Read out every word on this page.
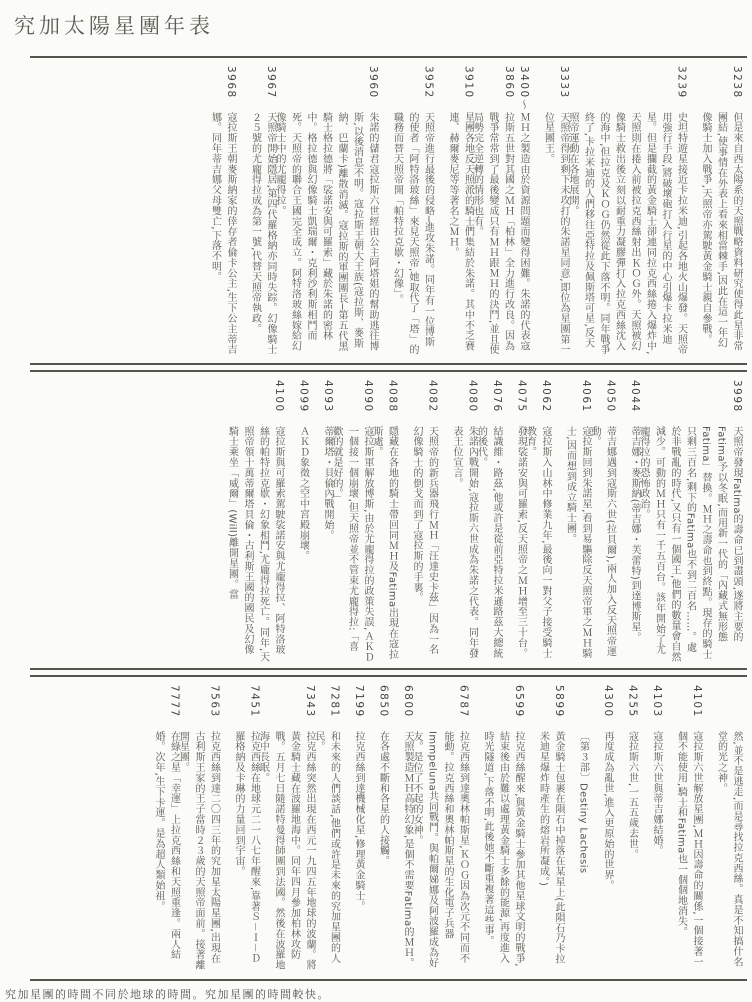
究加太陽星團年表
3238
但是來自西太陽系的天照戰略資料研究使得此星非常團結,使事情在外表上看來相當棘手,因此在這一年幻像騎士加入戰爭,天照帝亦駕駛黃金騎士親自參戰。
3239
史坦特遊星接近卡拉米迪,引起各地火山爆發。天照帝用強行手段,將破壞砲打入行星的中心引爆卡拉米迪星。但是攔截的黃金騎士卻連同拉克西絲捲入爆炸中,天照則在捲入前被拉克西絲射出ＫＯＧ外。天照被幻像騎士救出後立刻以耐重力凝膠彈打入拉克西絲沈入的海中,但拉克及ＫＯＧ仍然從此下落不明。同年戰爭終了,卡拉米迪的人們移往亞特拉及佩斯塔可星,反天照帝運動在各地展開。
3333
天照帝得到剩下未攻打的朱諾星同意,即位為星團第一位星團王。
3400〜3860
ＭＨ之製造由於資源問題而變得困難。朱諾的代表寇拉斯五世對其國之ＭＨ「柏林」全力進行改良。因為戰爭常常到了最後變成只有ＭＨ跟ＭＨ的決鬥,並且使局勢完全逆轉的情形也有。
3910
星團各地反天照派的騎士們集結於朱諾。其中不乏賽連、赫爾麥尼等等著名之ＭＨ。
3952
天照帝進行最後的侵略─進攻朱諾。同年有一位博斯的使者「阿特洛玻絲」來見天照帝,她取代了「塔」的職務而替天照帝開「帕特拉克歇・幻像」。
3960
朱諾的儲君寇拉斯六世經由公主阿塔姐的幫助逃往博斯,以後消息不明。寇拉斯王朝大王族(寇拉斯、麥斯納、巴蘭卡)離散消滅。寇拉斯的軍團團長─第五代黑騎士格拉德將「裟諾安與可羅索」藏於朱諾的密林中。格拉德與幻像騎士凱瑞爾・克利沙利斯相鬥而死。天照帝的聯合王國完全成立。阿特洛玻絲嫁給幻像騎士中的尤龐得拉。
3967
天照帝開始隱居,第四代羅格納亦同時失踪。幻像騎士２５號的尤龐得拉成為第一號,代替天照帝執政。
3968
寇拉斯王朝麥斯納家的倖存者倫卡公主,生下公主蒂吉娜。同年蒂吉娜父母雙亡,下落不明。
3998
天照帝發現Fatima的壽命已到盡頭,遂將主要的Fatima予以冬眠,而用新一代的「內藏式無形態Fatima」替換。ＭＨ之壽命也到終點。現存的騎士只剩三百名,剩下的Fatima也不到二百名……。處於非戰亂的時代,又只有一個國王,他們的數量會自然減少。可動的ＭＨ只有一千五百台。該年開始了尤龐得拉的恐怖政治。
4044
蒂吉娜・麥斯納(蒂吉娜・芙蕾特)到達博斯星。
4050
蒂吉娜遇到寇斯六世(拉貝爾),兩人加入反天照帝運動。
4061
寇拉斯回到朱諾星,看到易驅除反天照帝軍之ＭＨ騎士,因而想到成立騎士團。
4062
寇拉斯入山林中修業九年,最後向一對父子接受騎士教育。
4075
發現裟諾安與可羅索,反天照帝之ＭＨ增至三十台。
4076
結識維・路茲,他或許是從前亞特拉米遜路茲大總統的後代。
4080
朱諾內戰開始,寇拉斯六世成為朱諾之代表。同年發表王位宣言。
4082
天照帝的新兵器飛行ＭＨ「汪達史卡茲」因為一名幻像騎士的倒戈而到了寇拉斯的手裏。
4088
隱藏在各地的騎士帶回同ＭＨ及Fatima出現在寇拉斯處。
4090
寇拉斯軍解放博斯,由於尤龐得拉的政策失誤,ＡＫＤ一個接一個崩壞,但天照帝並不管束尤龐得拉:「喜歡的就是好的。」
4093
蒂爾塔・貝倫內戰開始。
4099
ＡＫＤ象徵之空中宮殿崩壞。
4100
寇拉斯與可羅索駕駛裟諾安與尤龐得拉、阿特洛玻絲的帕特拉克歇・幻象相鬥,尤龐得拉死亡。同年,天照帝領十萬蒂爾塔貝倫・古利斯王國的國民及幻像騎士乘坐「威爾」(Will)離開星團。當
然,並不是逃走,而是尋找拉克西絲。真是不知搞什名堂的光之神。
4101
寇拉斯六世解放星團,ＭＨ因壽命的關係,一個接著一個不能使用,騎士和Fatima也一個個地消失。
4103
寇拉斯六世與蒂吉娜結婚。
4255
寇拉斯六世,一五五歲去世。
4300
再度成為亂世,進入更原始的世界。
〔第３部〕Destiny Lachesis
5899
黃金騎士包裹在隕石中掉落在某星上(此隕石乃卡拉米迪星爆炸時產生的熔岩所凝成。)
6599
拉克西絲醒來,與黃金騎士參加其他星球文明的戰爭,結束後由於難以處理黃金騎士多餘的能源,再度進入時光隧道,下落不明,此後她不斷重複著這些事。
6787
拉克西絲到達奧林帕斯星,ＫＯＧ因為次元不同而不能動。拉克西絲和奧林帕斯星的生化電子兵器Immpeluna共同戰鬥。與帕爾娣娜及阿波羅成為好友。是位了不起的女神。
6800
天照製造ＭＨ高特幻象,是個不需要Fatima的ＭＨ。
6850
在各處不斷和各星的人接觸。
7199
拉克西絲到達機械化星,修理黃金騎士。
7281
和未來的人們談話,他們或許是未來的究加星團的人民。
7343
拉克西絲突然出現在西元一九四五年地球的波蘭。將黃金騎士藏在波羅地海中。同年四月參加柏林攻防戰。五月七日隨諾特曼得師團到法國。然後在波羅地海中長眠。
7451
拉克西絲在地球元二一八七年醒來,靠著Ｓ－Ｉ－Ｄ羅格納及卡琳的力量回到宇宙。
7563
拉克西絲到達二〇四三年的究加星太陽星團,出現在古利斯王家的王子當時２３歲的天照帝面前。接著離開星團。
7777
在綠之星「幸運」上拉克西絲和天照重逢。兩人結婚。次年,生下卡運。是為超人類始祖。
究加星團的時間不同於地球的時間。究加星團的時間較快。
